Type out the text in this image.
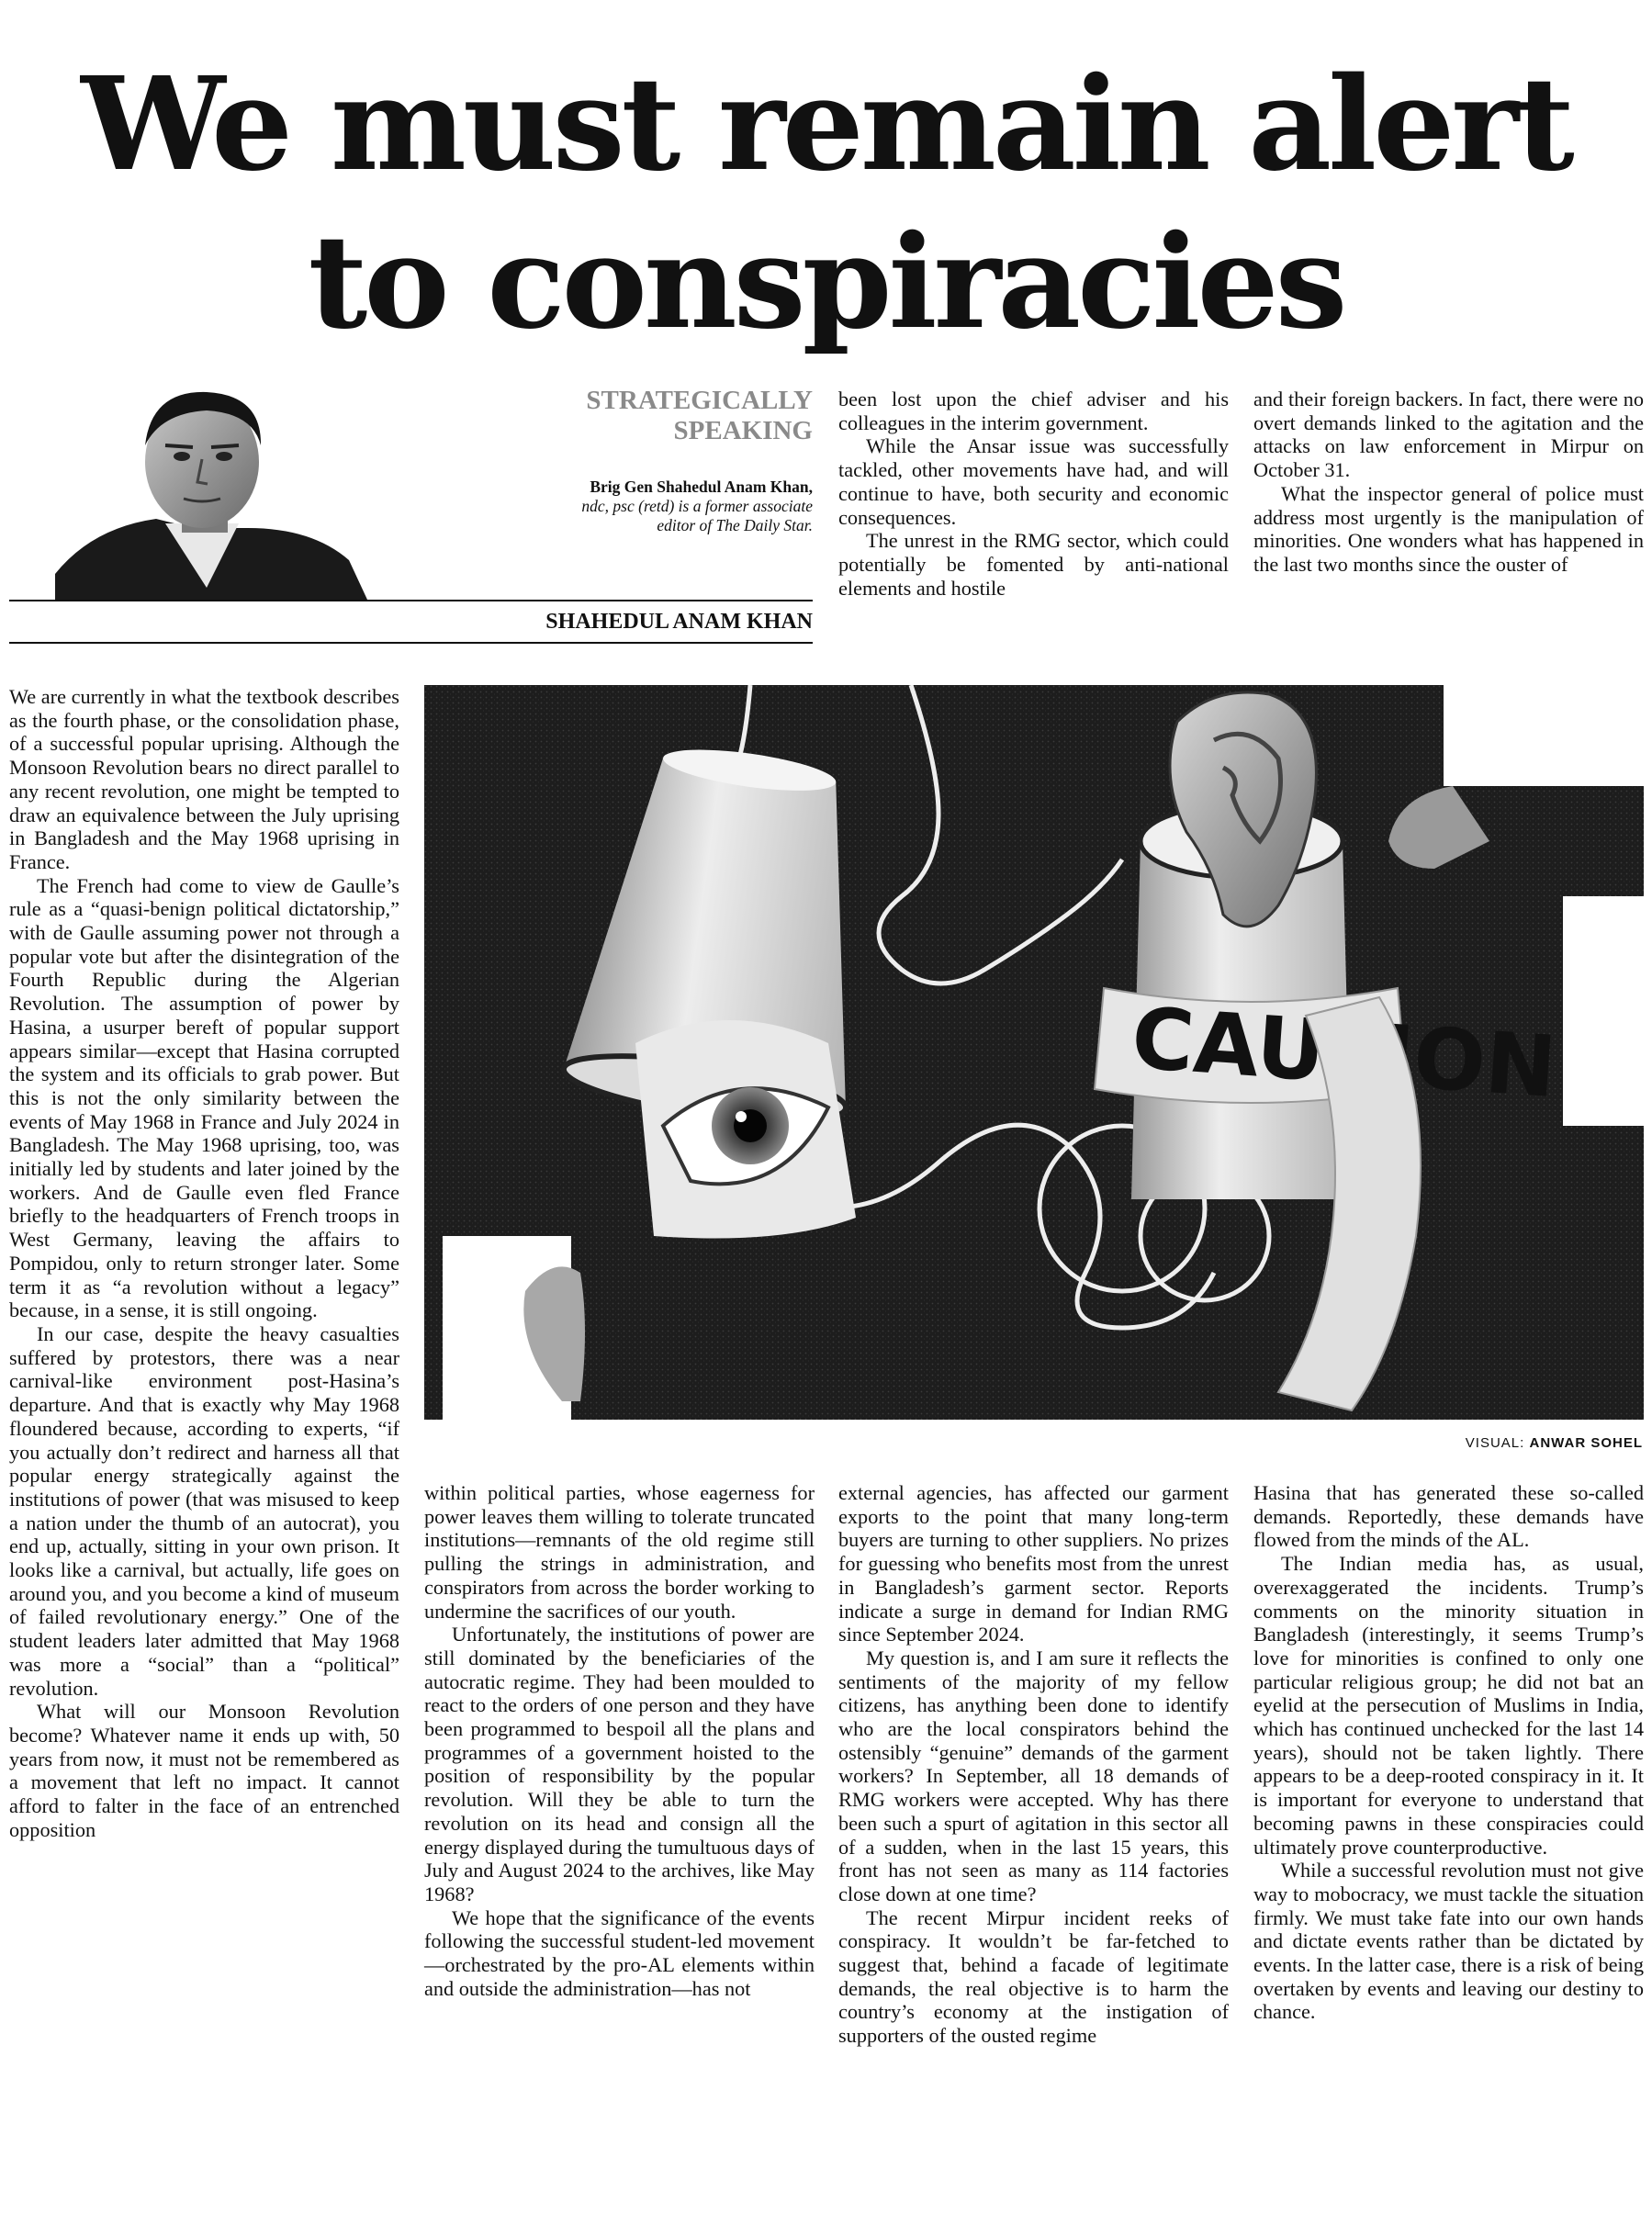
We must remain alert
to conspiracies
STRATEGICALLY
SPEAKING
Brig Gen Shahedul Anam Khan,
ndc, psc (retd) is a former associate
editor of The Daily Star.
SHAHEDUL ANAM KHAN

been lost upon the chief adviser and his colleagues in the interim government.

While the Ansar issue was successfully tackled, other movements have had, and will continue to have, both security and economic consequences.

The unrest in the RMG sector, which could potentially be fomented by anti-national elements and hostile

and their foreign backers. In fact, there were no overt demands linked to the agitation and the attacks on law enforcement in Mirpur on October 31.

What the inspector general of police must address most urgently is the manipulation of minorities. One wonders what has happened in the last two months since the ouster of

We are currently in what the textbook describes as the fourth phase, or the consolidation phase, of a successful popular uprising. Although the Monsoon Revolution bears no direct parallel to any recent revolution, one might be tempted to draw an equivalence between the July uprising in Bangladesh and the May 1968 uprising in France.

The French had come to view de Gaulle’s rule as a “quasi-benign political dictatorship,” with de Gaulle assuming power not through a popular vote but after the disintegration of the Fourth Republic during the Algerian Revolution. The assumption of power by Hasina, a usurper bereft of popular support appears similar—except that Hasina corrupted the system and its officials to grab power. But this is not the only similarity between the events of May 1968 in France and July 2024 in Bangladesh. The May 1968 uprising, too, was initially led by students and later joined by the workers. And de Gaulle even fled France briefly to the headquarters of French troops in West Germany, leaving the affairs to Pompidou, only to return stronger later. Some term it as “a revolution without a legacy” because, in a sense, it is still ongoing.

In our case, despite the heavy casualties suffered by protestors, there was a near carnival-like environment post-Hasina’s departure. And that is exactly why May 1968 floundered because, according to experts, “if you actually don’t redirect and harness all that popular energy strategically against the institutions of power (that was misused to keep a nation under the thumb of an autocrat), you end up, actually, sitting in your own prison. It looks like a carnival, but actually, life goes on around you, and you become a kind of museum of failed revolutionary energy.” One of the student leaders later admitted that May 1968 was more a “social” than a “political” revolution.

What will our Monsoon Revolution become? Whatever name it ends up with, 50 years from now, it must not be remembered as a movement that left no impact. It cannot afford to falter in the face of an entrenched opposition

VISUAL: ANWAR SOHEL

within political parties, whose eagerness for power leaves them willing to tolerate truncated institutions—remnants of the old regime still pulling the strings in administration, and conspirators from across the border working to undermine the sacrifices of our youth.

Unfortunately, the institutions of power are still dominated by the beneficiaries of the autocratic regime. They had been moulded to react to the orders of one person and they have been programmed to bespoil all the plans and programmes of a government hoisted to the position of responsibility by the popular revolution. Will they be able to turn the revolution on its head and consign all the energy displayed during the tumultuous days of July and August 2024 to the archives, like May 1968?

We hope that the significance of the events following the successful student-led movement—orchestrated by the pro-AL elements within and outside the administration—has not

external agencies, has affected our garment exports to the point that many long-term buyers are turning to other suppliers. No prizes for guessing who benefits most from the unrest in Bangladesh’s garment sector. Reports indicate a surge in demand for Indian RMG since September 2024.

My question is, and I am sure it reflects the sentiments of the majority of my fellow citizens, has anything been done to identify who are the local conspirators behind the ostensibly “genuine” demands of the garment workers? In September, all 18 demands of RMG workers were accepted. Why has there been such a spurt of agitation in this sector all of a sudden, when in the last 15 years, this front has not seen as many as 114 factories close down at one time?

The recent Mirpur incident reeks of conspiracy. It wouldn’t be far-fetched to suggest that, behind a facade of legitimate demands, the real objective is to harm the country’s economy at the instigation of supporters of the ousted regime

Hasina that has generated these so-called demands. Reportedly, these demands have flowed from the minds of the AL.

The Indian media has, as usual, overexaggerated the incidents. Trump’s comments on the minority situation in Bangladesh (interestingly, it seems Trump’s love for minorities is confined to only one particular religious group; he did not bat an eyelid at the persecution of Muslims in India, which has continued unchecked for the last 14 years), should not be taken lightly. There appears to be a deep-rooted conspiracy in it. It is important for everyone to understand that becoming pawns in these conspiracies could ultimately prove counterproductive.

While a successful revolution must not give way to mobocracy, we must tackle the situation firmly. We must take fate into our own hands and dictate events rather than be dictated by events. In the latter case, there is a risk of being overtaken by events and leaving our destiny to chance.
